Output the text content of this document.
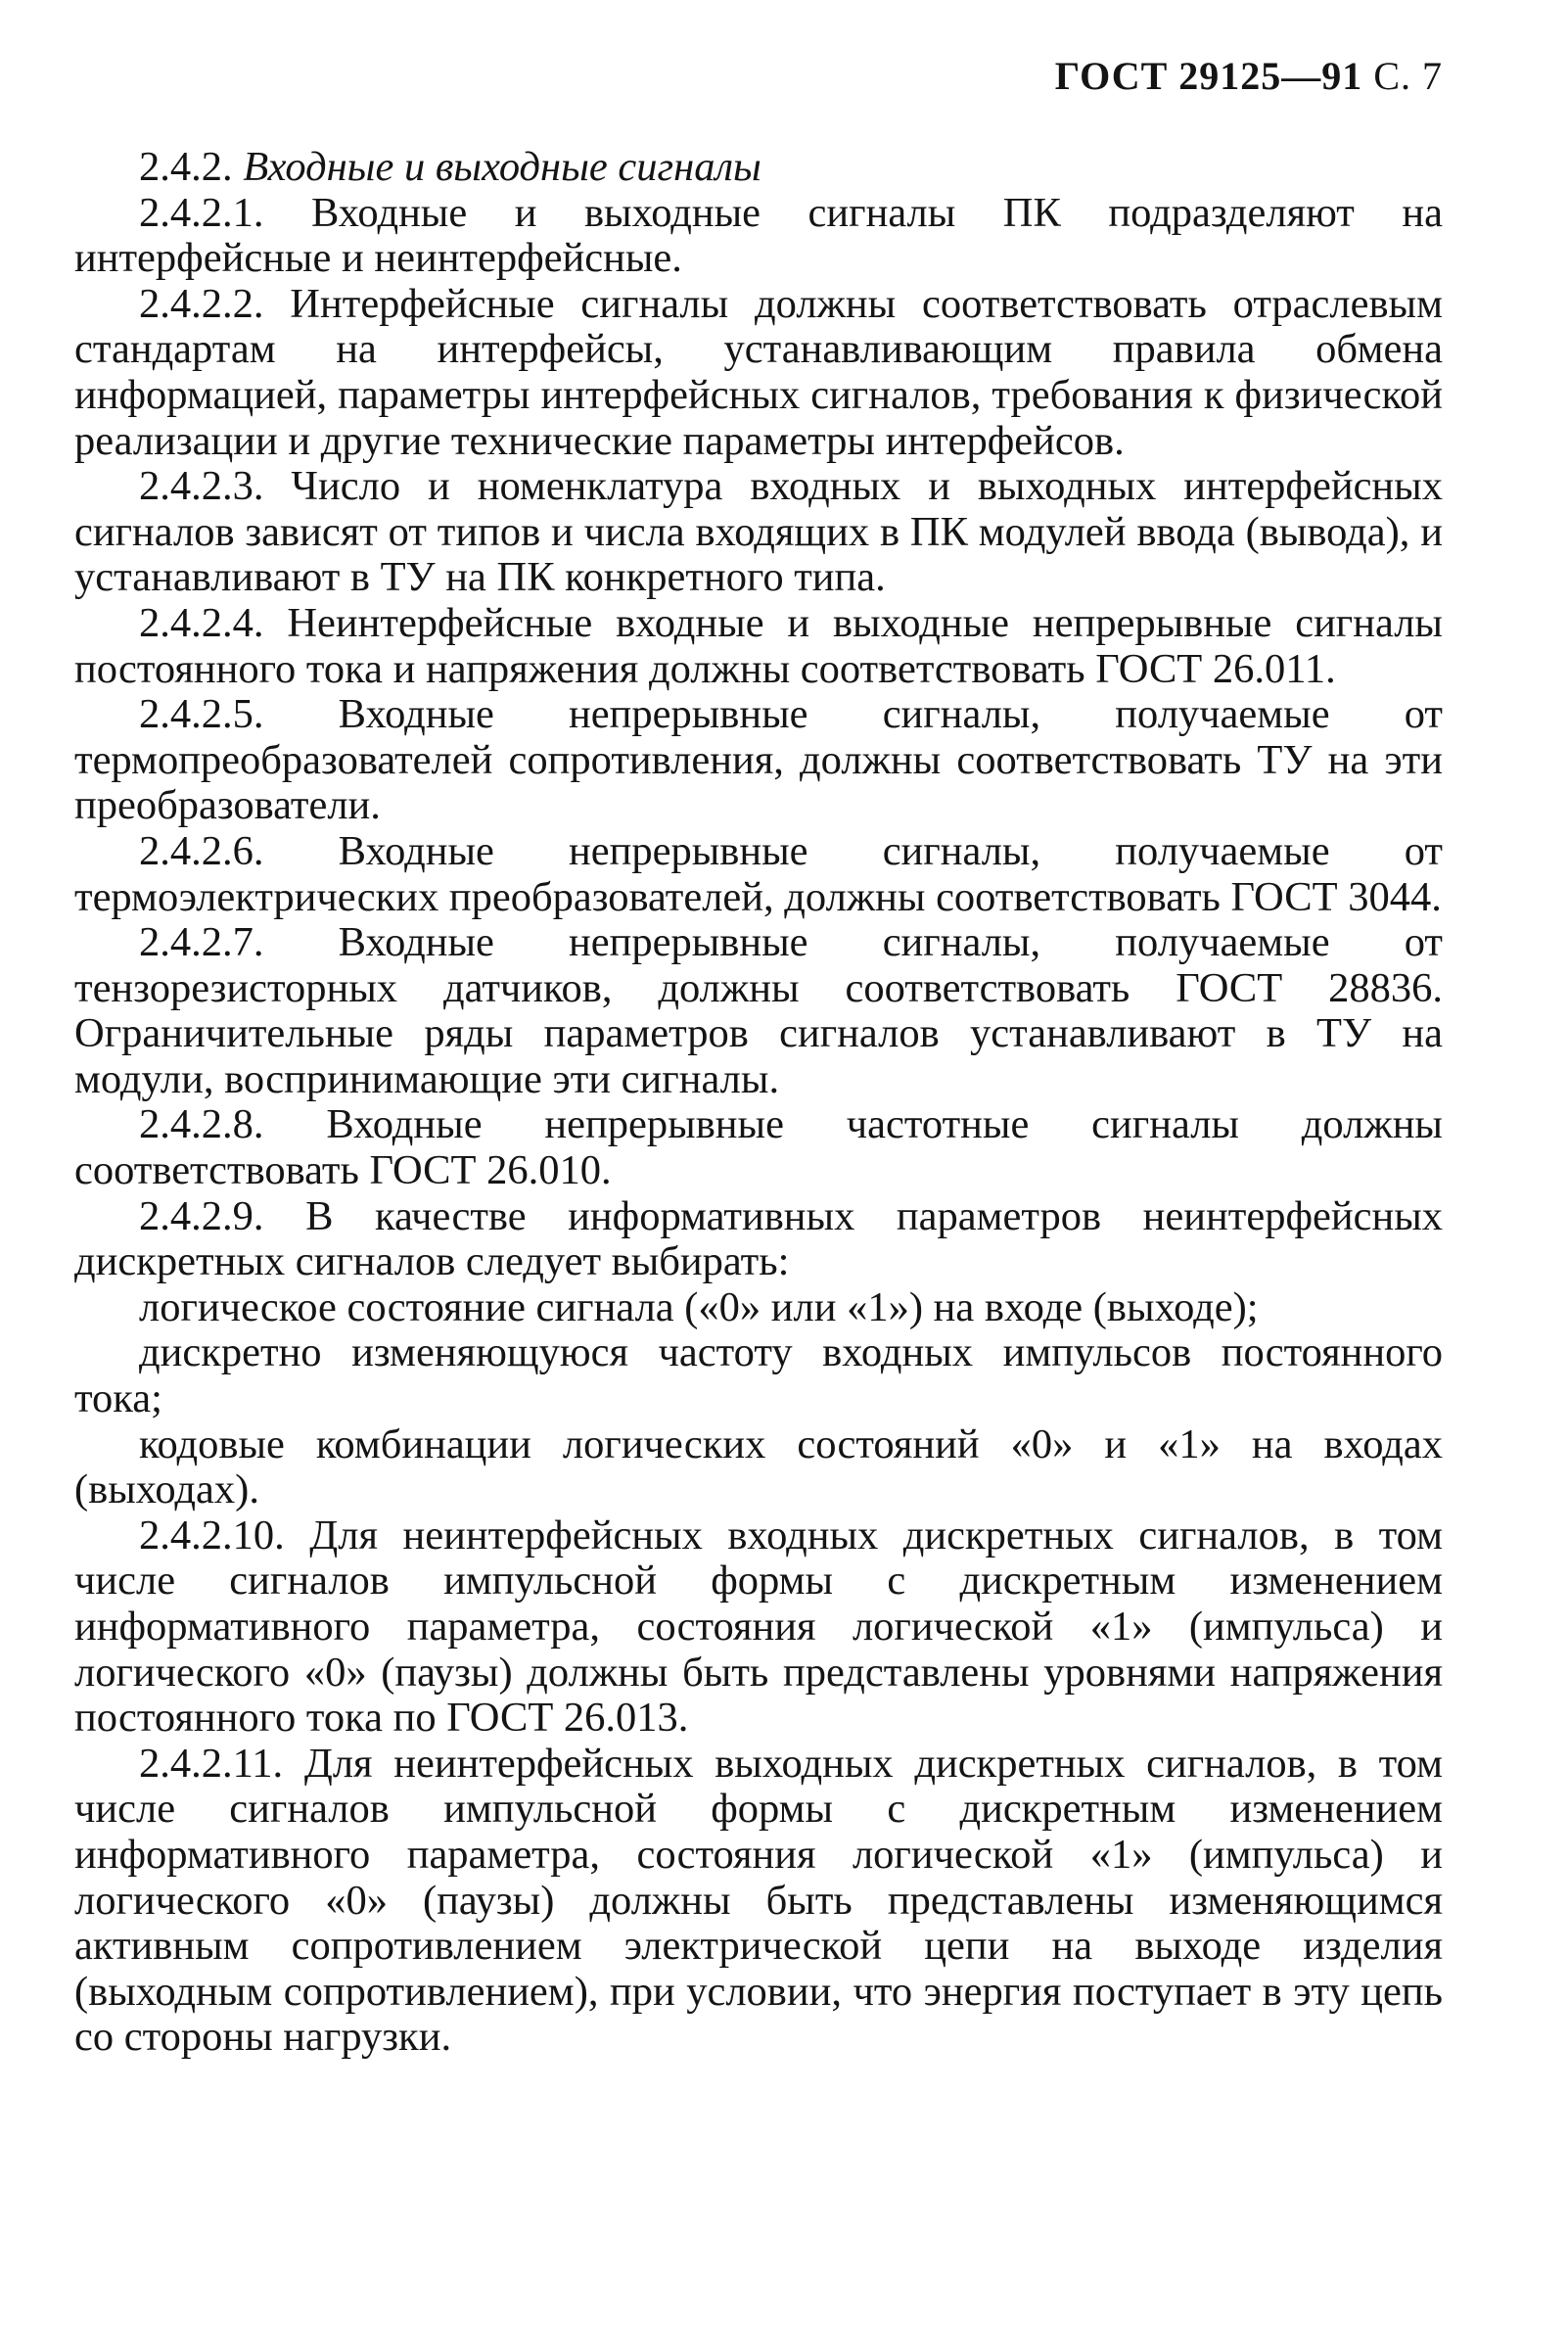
ГОСТ 29125—91 С. 7

2.4.2. Входные и выходные сигналы

2.4.2.1. Входные и выходные сигналы ПК подразделяют на интерфейсные и неинтерфейсные.

2.4.2.2. Интерфейсные сигналы должны соответствовать отраслевым стандартам на интерфейсы, устанавливающим правила обмена информацией, параметры интерфейсных сигналов, требования к физической реализации и другие технические параметры интерфейсов.

2.4.2.3. Число и номенклатура входных и выходных интерфейсных сигналов зависят от типов и числа входящих в ПК модулей ввода (вывода), и устанавливают в ТУ на ПК конкретного типа.

2.4.2.4. Неинтерфейсные входные и выходные непрерывные сигналы постоянного тока и напряжения должны соответствовать ГОСТ 26.011.

2.4.2.5. Входные непрерывные сигналы, получаемые от термопреобразователей сопротивления, должны соответствовать ТУ на эти преобразователи.

2.4.2.6. Входные непрерывные сигналы, получаемые от термоэлектрических преобразователей, должны соответствовать ГОСТ 3044.

2.4.2.7. Входные непрерывные сигналы, получаемые от тензорезисторных датчиков, должны соответствовать ГОСТ 28836. Ограничительные ряды параметров сигналов устанавливают в ТУ на модули, воспринимающие эти сигналы.

2.4.2.8. Входные непрерывные частотные сигналы должны соответствовать ГОСТ 26.010.

2.4.2.9. В качестве информативных параметров неинтерфейсных дискретных сигналов следует выбирать:

логическое состояние сигнала («0» или «1») на входе (выходе);

дискретно изменяющуюся частоту входных импульсов постоянного тока;

кодовые комбинации логических состояний «0» и «1» на входах (выходах).

2.4.2.10. Для неинтерфейсных входных дискретных сигналов, в том числе сигналов импульсной формы с дискретным изменением информативного параметра, состояния логической «1» (импульса) и логического «0» (паузы) должны быть представлены уровнями напряжения постоянного тока по ГОСТ 26.013.

2.4.2.11. Для неинтерфейсных выходных дискретных сигналов, в том числе сигналов импульсной формы с дискретным изменением информативного параметра, состояния логической «1» (импульса) и логического «0» (паузы) должны быть представлены изменяющимся активным сопротивлением электрической цепи на выходе изделия (выходным сопротивлением), при условии, что энергия поступает в эту цепь со стороны нагрузки.
